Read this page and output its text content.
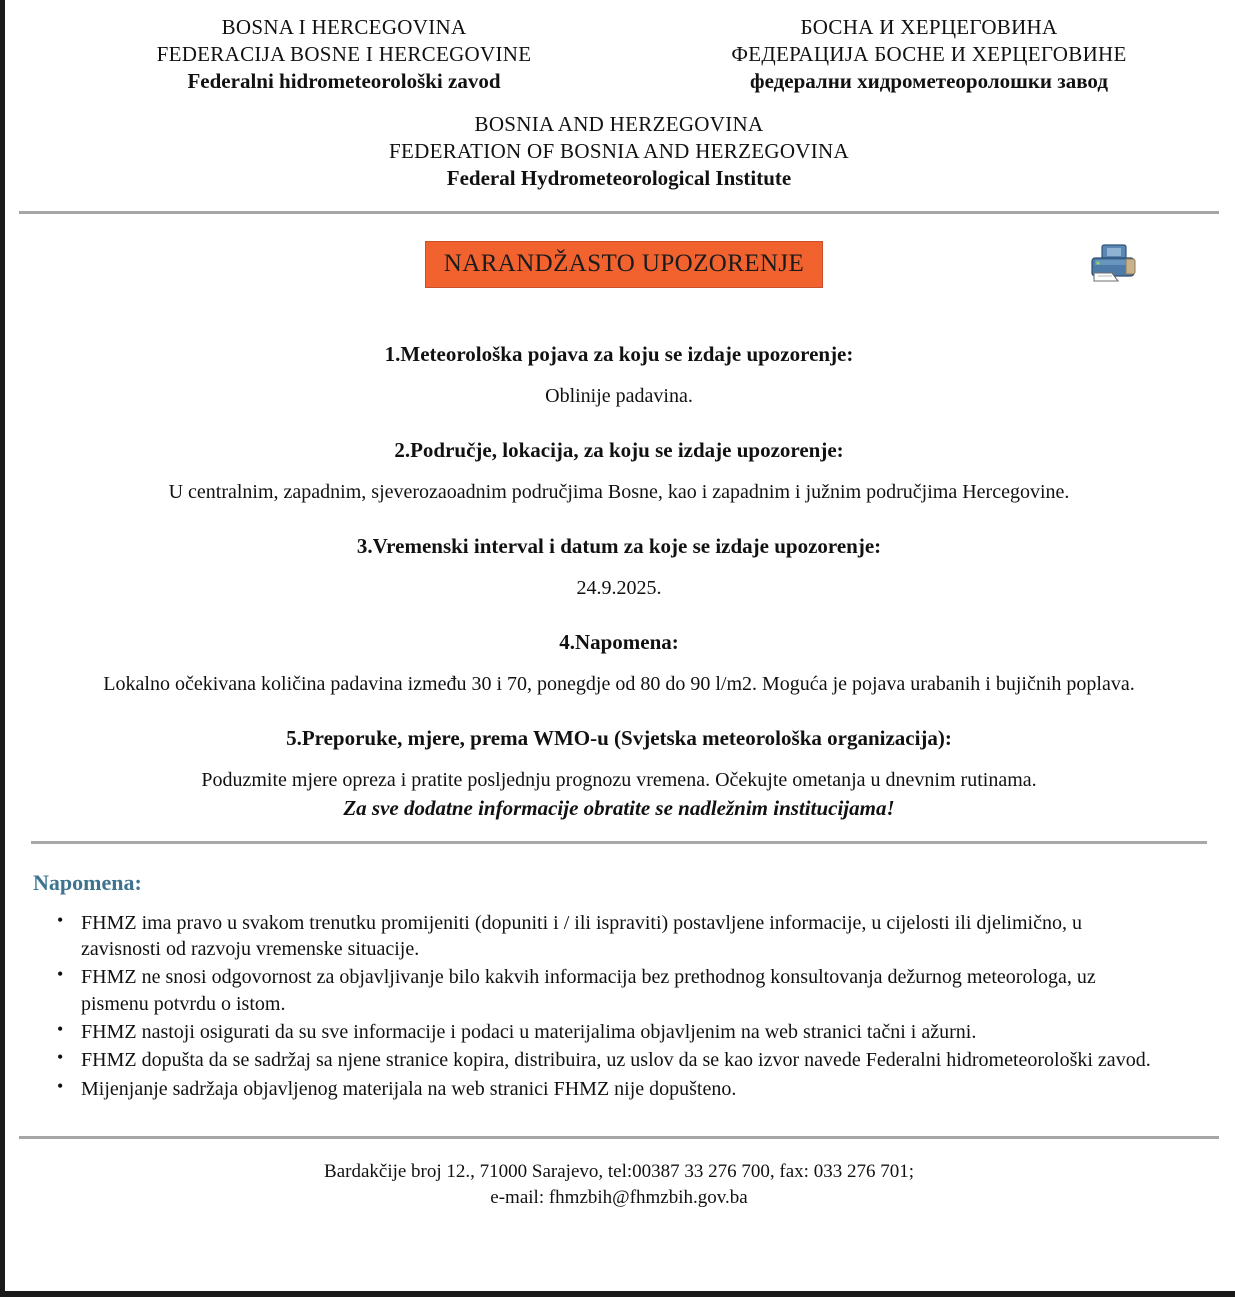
BOSNA I HERCEGOVINA
FEDERACIJA BOSNE I HERCEGOVINE
Federalni hidrometeorološki zavod
БОСНА И ХЕРЦЕГОВИНА
ФЕДЕРАЦИЈА БОСНЕ И ХЕРЦЕГОВИНЕ
федерални хидрометеоролошки завод
BOSNIA AND HERZEGOVINA
FEDERATION OF BOSNIA AND HERZEGOVINA
Federal Hydrometeorological Institute
NARANDŽASTO UPOZORENJE
1.Meteorološka pojava za koju se izdaje upozorenje:
Oblinije padavina.
2.Područje, lokacija, za koju se izdaje upozorenje:
U centralnim, zapadnim, sjeverozaoadnim područjima Bosne, kao i zapadnim i južnim područjima Hercegovine.
3.Vremenski interval i datum za koje se izdaje upozorenje:
24.9.2025.
4.Napomena:
Lokalno očekivana količina padavina između 30 i 70, ponegdje od 80 do 90 l/m2. Moguća je pojava urabanih i bujičnih poplava.
5.Preporuke, mjere, prema WMO-u (Svjetska meteorološka organizacija):
Poduzmite mjere opreza i pratite posljednju prognozu vremena. Očekujte ometanja u dnevnim rutinama.
Za sve dodatne informacije obratite se nadležnim institucijama!
Napomena:
• FHMZ ima pravo u svakom trenutku promijeniti (dopuniti i / ili ispraviti) postavljene informacije, u cijelosti ili djelimično, u zavisnosti od razvoju vremenske situacije.
• FHMZ ne snosi odgovornost za objavljivanje bilo kakvih informacija bez prethodnog konsultovanja dežurnog meteorologa, uz pismenu potvrdu o istom.
• FHMZ nastoji osigurati da su sve informacije i podaci u materijalima objavljenim na web stranici tačni i ažurni.
• FHMZ dopušta da se sadržaj sa njene stranice kopira, distribuira, uz uslov da se kao izvor navede Federalni hidrometeorološki zavod.
• Mijenjanje sadržaja objavljenog materijala na web stranici FHMZ nije dopušteno.
Bardakčije broj 12., 71000 Sarajevo, tel:00387 33 276 700, fax: 033 276 701;
e-mail: fhmzbih@fhmzbih.gov.ba
